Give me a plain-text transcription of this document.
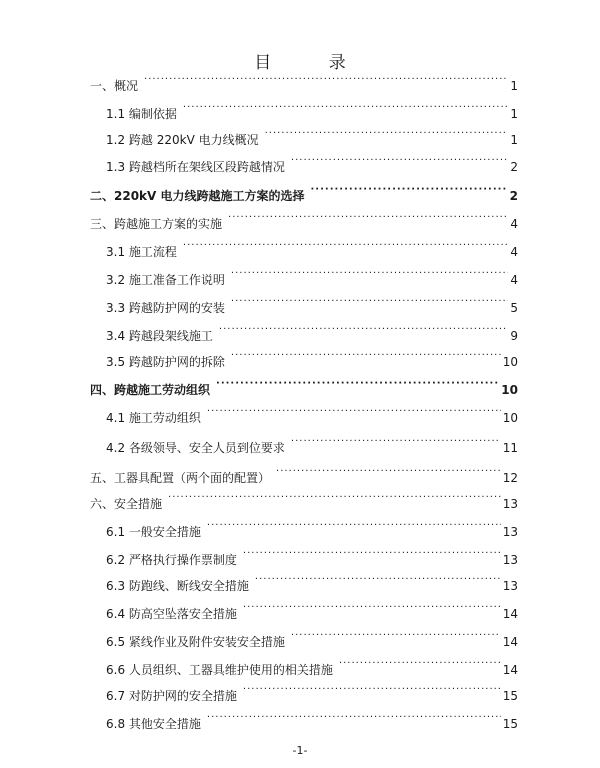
目 录
-1-
一、概况 ·····	1
1.1 编制依据 ·····	1
1.2 跨越 220kV 电力线概况 ·····	1
1.3 跨越档所在架线区段跨越情况 ·····	2
二、220kV 电力线跨越施工方案的选择 ·····	2
三、跨越施工方案的实施 ·····	4
3.1 施工流程 ·····	4
3.2 施工准备工作说明 ·····	4
3.3 跨越防护网的安装 ·····	5
3.4 跨越段架线施工 ·····	9
3.5 跨越防护网的拆除 ·····	10
四、跨越施工劳动组织 ·····	10
4.1 施工劳动组织 ·····	10
4.2 各级领导、安全人员到位要求 ·····	11
五、工器具配置（两个面的配置） ·····	12
六、安全措施 ·····	13
6.1 一般安全措施 ·····	13
6.2 严格执行操作票制度 ·····	13
6.3 防跑线、断线安全措施 ·····	13
6.4 防高空坠落安全措施 ·····	14
6.5 紧线作业及附件安装安全措施 ·····	14
6.6 人员组织、工器具维护使用的相关措施 ·····	14
6.7 对防护网的安全措施 ·····	15
6.8 其他安全措施 ·····	15
